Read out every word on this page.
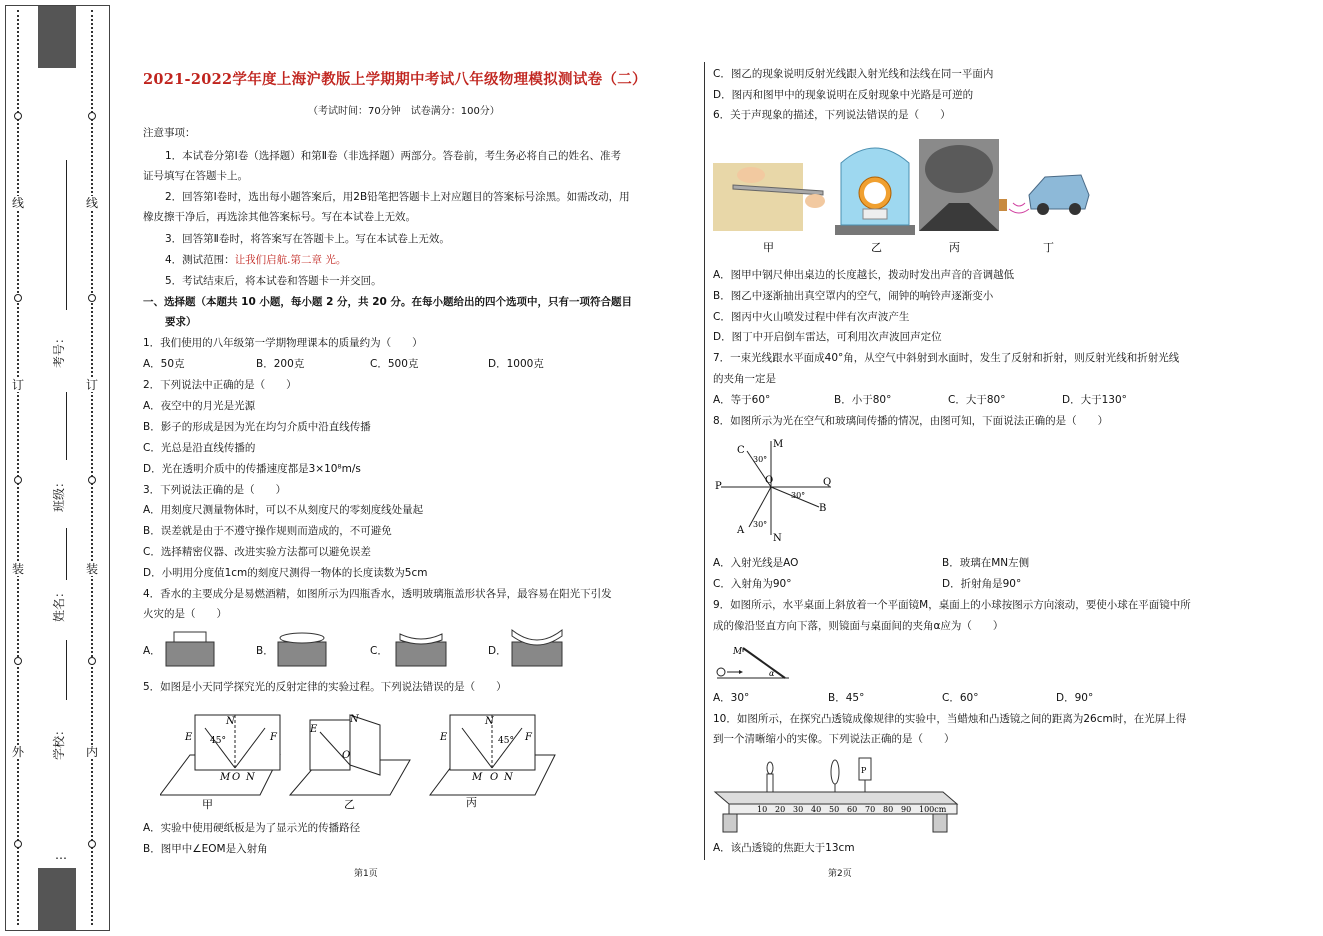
线
订
装
外
线
订
装
内
考号：
班级：
姓名：
学校：
…
2021-2022学年度上海沪教版上学期期中考试八年级物理模拟测试卷（二）
（考试时间：70分钟　试卷满分：100分）
注意事项：
1．本试卷分第Ⅰ卷（选择题）和第Ⅱ卷（非选择题）两部分。答卷前，考生务必将自己的姓名、准考
证号填写在答题卡上。
2．回答第Ⅰ卷时，选出每小题答案后，用2B铅笔把答题卡上对应题目的答案标号涂黑。如需改动，用
橡皮擦干净后，再选涂其他答案标号。写在本试卷上无效。
3．回答第Ⅱ卷时，将答案写在答题卡上。写在本试卷上无效。
4．测试范围：让我们启航.第二章 光。
5．考试结束后，将本试卷和答题卡一并交回。
一、选择题（本题共 10 小题，每小题 2 分，共 20 分。在每小题给出的四个选项中，只有一项符合题目
要求）
1．我们使用的八年级第一学期物理课本的质量约为（　　）
A．50克	B．200克	C．500克	D．1000克
2．下列说法中正确的是（　　）
A．夜空中的月光是光源
B．影子的形成是因为光在均匀介质中沿直线传播
C．光总是沿直线传播的
D．光在透明介质中的传播速度都是3×10⁸m/s
3．下列说法正确的是（　　）
A．用刻度尺测量物体时，可以不从刻度尺的零刻度线处量起
B．误差就是由于不遵守操作规则而造成的，不可避免
C．选择精密仪器、改进实验方法都可以避免误差
D．小明用分度值1cm的刻度尺测得一物体的长度读数为5cm
4．香水的主要成分是易燃酒精，如图所示为四瓶香水，透明玻璃瓶盖形状各异，最容易在阳光下引发
火灾的是（　　）
A．	B．	C．	D．
5．如图是小天同学探究光的反射定律的实验过程。下列说法错误的是（　　）
N
E	F
45°
M O N
甲
N
E
O
乙
N
E	F
45°
M O N
丙
A．实验中使用硬纸板是为了显示光的传播路径
B．图甲中∠EOM是入射角
第1页
C．图乙的现象说明反射光线跟入射光线和法线在同一平面内
D．图丙和图甲中的现象说明在反射现象中光路是可逆的
6．关于声现象的描述，下列说法错误的是（　　）
甲	乙	丙	丁
A．图甲中钢尺伸出桌边的长度越长，拨动时发出声音的音调越低
B．图乙中逐渐抽出真空罩内的空气，闹钟的响铃声逐渐变小
C．图丙中火山喷发过程中伴有次声波产生
D．图丁中开启倒车雷达，可利用次声波回声定位
7．一束光线跟水平面成40°角，从空气中斜射到水面时，发生了反射和折射，则反射光线和折射光线
的夹角一定是
A．等于60°	B．小于80°	C．大于80°	D．大于130°
8．如图所示为光在空气和玻璃间传播的情况，由图可知，下面说法正确的是（　　）
C
M
P	Q
O
B
A
N
30°
30°
30°
A．入射光线是AO	B．玻璃在MN左侧
C．入射角为90°	D．折射角是90°
9．如图所示，水平桌面上斜放着一个平面镜M，桌面上的小球按图示方向滚动，要使小球在平面镜中所
成的像沿竖直方向下落，则镜面与桌面间的夹角α应为（　　）
M
α
A．30°	B．45°	C．60°	D．90°
10．如图所示，在探究凸透镜成像规律的实验中，当蜡烛和凸透镜之间的距离为26cm时，在光屏上得
到一个清晰缩小的实像。下列说法正确的是（　　）
10 20 30 40 50 60 70 80 90 100cm
P
A．该凸透镜的焦距大于13cm
第2页
